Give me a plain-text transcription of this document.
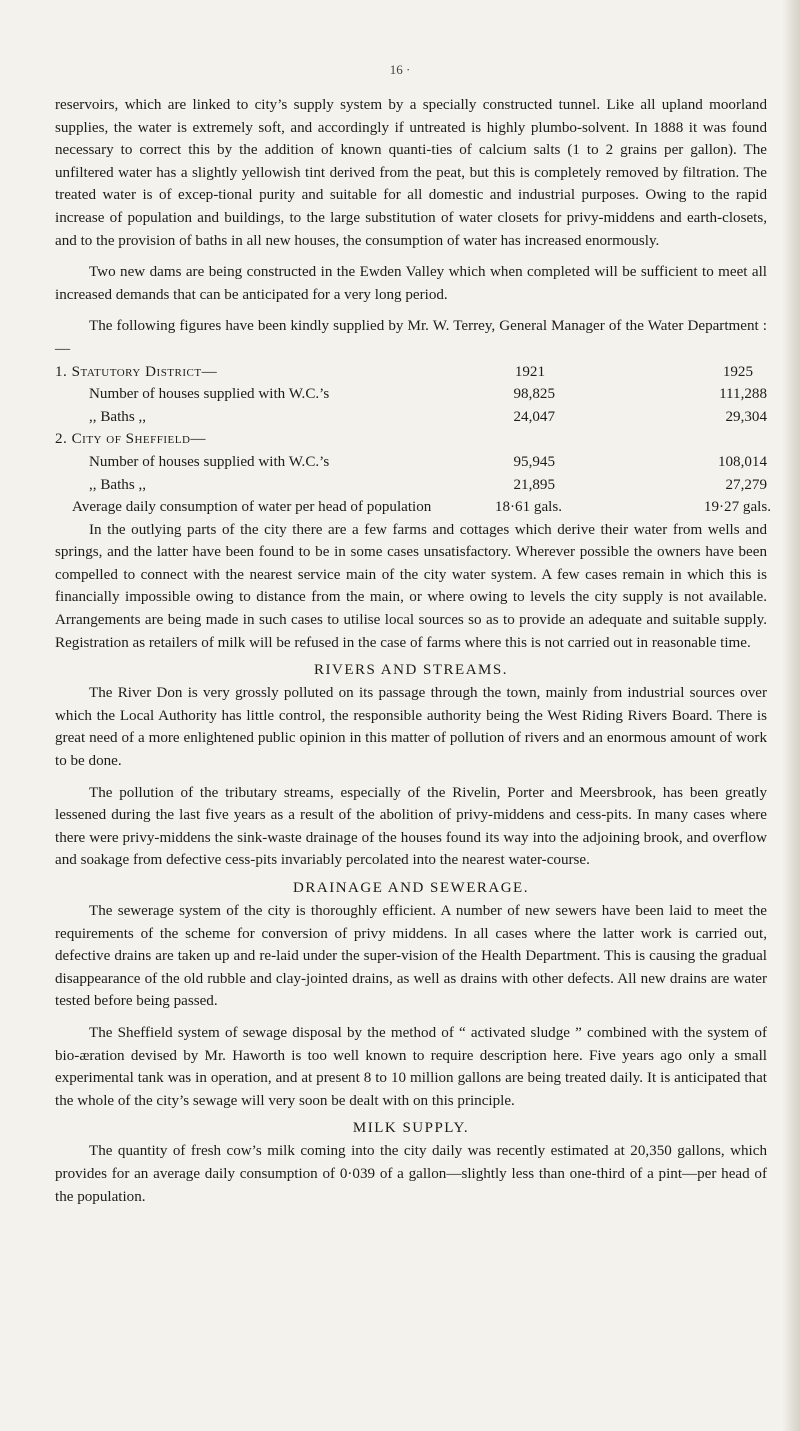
16 ·

reservoirs, which are linked to city’s supply system by a specially constructed tunnel. Like all upland moorland supplies, the water is extremely soft, and accordingly if untreated is highly plumbo-solvent. In 1888 it was found necessary to correct this by the addition of known quanti-ties of calcium salts (1 to 2 grains per gallon). The unfiltered water has a slightly yellowish tint derived from the peat, but this is completely removed by filtration. The treated water is of excep-tional purity and suitable for all domestic and industrial purposes. Owing to the rapid increase of population and buildings, to the large substitution of water closets for privy-middens and earth-closets, and to the provision of baths in all new houses, the consumption of water has increased enormously.

Two new dams are being constructed in the Ewden Valley which when completed will be sufficient to meet all increased demands that can be anticipated for a very long period.

The following figures have been kindly supplied by Mr. W. Terrey, General Manager of the Water Department :—

1. Statutory District—	1921	1925
Number of houses supplied with W.C.’s	98,825	111,288
,, Baths ,,	24,047	29,304
2. City of Sheffield—
Number of houses supplied with W.C.’s	95,945	108,014
,, Baths ,,	21,895	27,279
Average daily consumption of water per head of population	18·61 gals.	19·27 gals.

In the outlying parts of the city there are a few farms and cottages which derive their water from wells and springs, and the latter have been found to be in some cases unsatisfactory. Wherever possible the owners have been compelled to connect with the nearest service main of the city water system. A few cases remain in which this is financially impossible owing to distance from the main, or where owing to levels the city supply is not available. Arrangements are being made in such cases to utilise local sources so as to provide an adequate and suitable supply. Registration as retailers of milk will be refused in the case of farms where this is not carried out in reasonable time.

RIVERS AND STREAMS.

The River Don is very grossly polluted on its passage through the town, mainly from industrial sources over which the Local Authority has little control, the responsible authority being the West Riding Rivers Board. There is great need of a more enlightened public opinion in this matter of pollution of rivers and an enormous amount of work to be done.

The pollution of the tributary streams, especially of the Rivelin, Porter and Meersbrook, has been greatly lessened during the last five years as a result of the abolition of privy-middens and cess-pits. In many cases where there were privy-middens the sink-waste drainage of the houses found its way into the adjoining brook, and overflow and soakage from defective cess-pits invariably percolated into the nearest water-course.

DRAINAGE AND SEWERAGE.

The sewerage system of the city is thoroughly efficient. A number of new sewers have been laid to meet the requirements of the scheme for conversion of privy middens. In all cases where the latter work is carried out, defective drains are taken up and re-laid under the super-vision of the Health Department. This is causing the gradual disappearance of the old rubble and clay-jointed drains, as well as drains with other defects. All new drains are water tested before being passed.

The Sheffield system of sewage disposal by the method of “ activated sludge ” combined with the system of bio-æration devised by Mr. Haworth is too well known to require description here. Five years ago only a small experimental tank was in operation, and at present 8 to 10 million gallons are being treated daily. It is anticipated that the whole of the city’s sewage will very soon be dealt with on this principle.

MILK SUPPLY.

The quantity of fresh cow’s milk coming into the city daily was recently estimated at 20,350 gallons, which provides for an average daily consumption of 0·039 of a gallon—slightly less than one-third of a pint—per head of the population.
